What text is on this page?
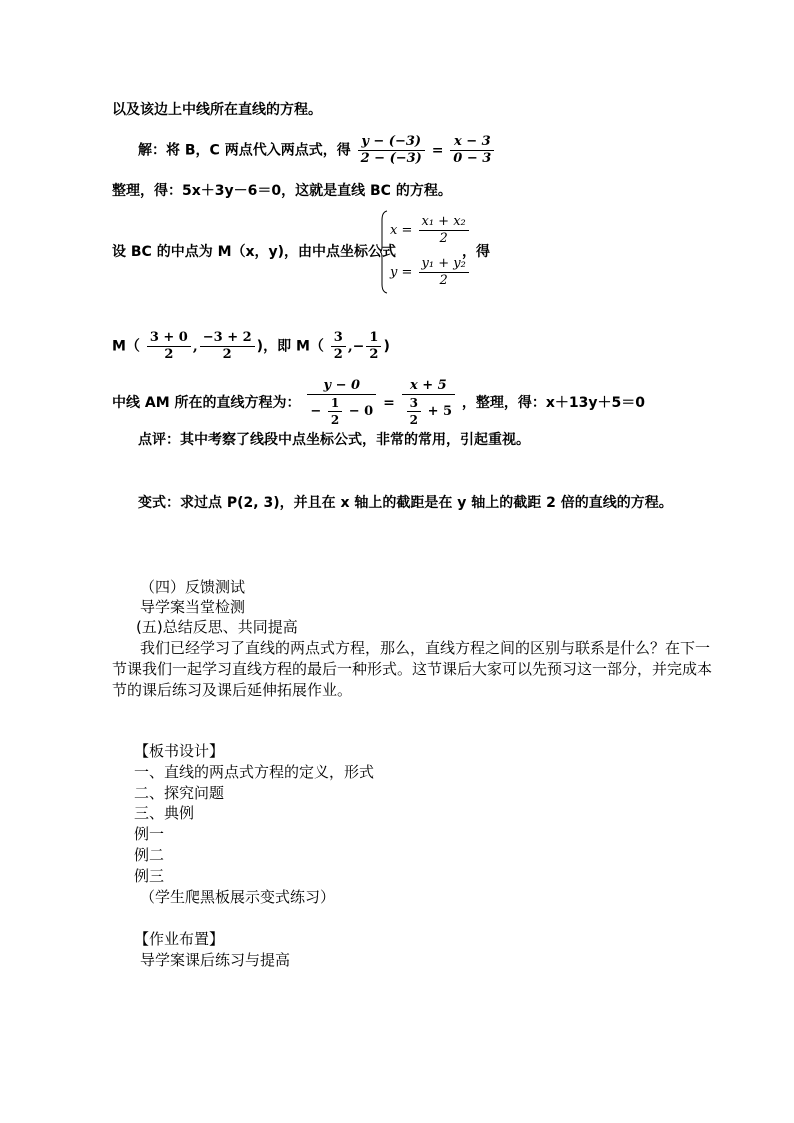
以及该边上中线所在直线的方程。
解：将 B，C 两点代入两点式，得 $\frac{y - (-3)}{2 - (-3)} = \frac{x - 3}{0 - 3}$
整理，得：5x＋3y－6＝0，这就是直线 BC 的方程。
设 BC 的中点为 M（x，y)，由中点坐标公式
$x = \frac{\text{x₁ + x₂}}{2}$
$y = \frac{\text{y₁ + y₂}}{2}$
，得
$M( \frac{3 + 0}{2}$ , $\frac{-3 + 2}{2}$ )，即 $M( \frac{3}{2}$ ,− $\frac{1}{2}$ )
中线 AM 所在的直线方程为： $\frac{y - 0}{- \frac{1}{2} - 0} = \frac{x + 5}{\frac{3}{2} + 5}$ ，整理，得：x＋13y＋5＝0
点评：其中考察了线段中点坐标公式，非常的常用，引起重视。
变式：求过点 P(2, 3)，并且在 x 轴上的截距是在 y 轴上的截距 2 倍的直线的方程。
（四）反馈测试
导学案当堂检测
(五)总结反思、共同提高
我们已经学习了直线的两点式方程，那么，直线方程之间的区别与联系是什么？在下一
节课我们一起学习直线方程的最后一种形式。这节课后大家可以先预习这一部分，并完成本
节的课后练习及课后延伸拓展作业。
【板书设计】
一、直线的两点式方程的定义，形式
二、探究问题
三、典例
例一
例二
例三
（学生爬黑板展示变式练习）
【作业布置】
导学案课后练习与提高
